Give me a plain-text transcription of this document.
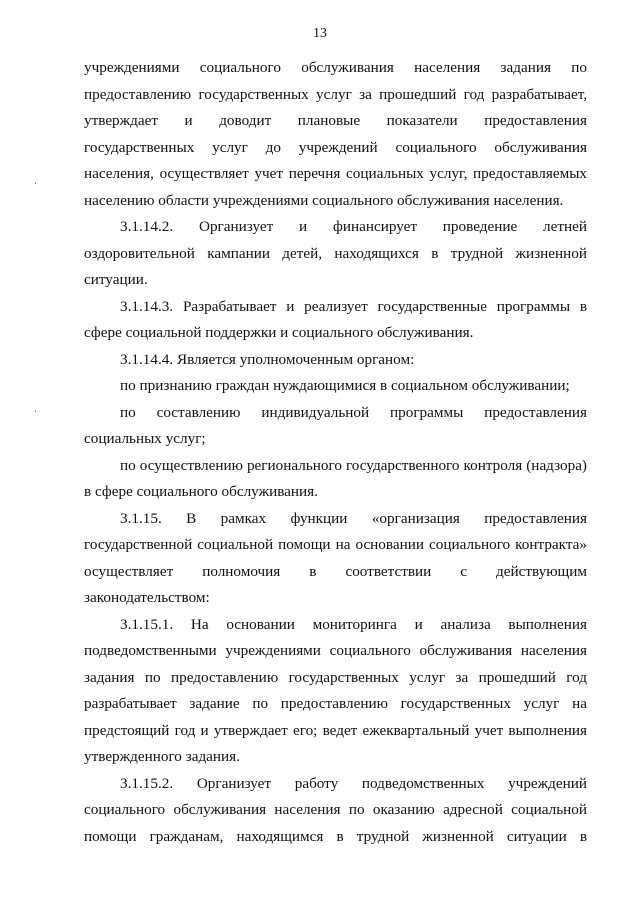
13

учреждениями социального обслуживания населения задания по предоставлению государственных услуг за прошедший год разрабатывает, утверждает и доводит плановые показатели предоставления государственных услуг до учреждений социального обслуживания населения, осуществляет учет перечня социальных услуг, предоставляемых населению области учреждениями социального обслуживания населения.

3.1.14.2. Организует и финансирует проведение летней оздоровительной кампании детей, находящихся в трудной жизненной ситуации.

3.1.14.3. Разрабатывает и реализует государственные программы в сфере социальной поддержки и социального обслуживания.

3.1.14.4. Является уполномоченным органом:

по признанию граждан нуждающимися в социальном обслуживании;

по составлению индивидуальной программы предоставления социальных услуг;

по осуществлению регионального государственного контроля (надзора) в сфере социального обслуживания.

3.1.15. В рамках функции «организация предоставления государственной социальной помощи на основании социального контракта» осуществляет полномочия в соответствии с действующим законодательством:

3.1.15.1. На основании мониторинга и анализа выполнения подведомственными учреждениями социального обслуживания населения задания по предоставлению государственных услуг за прошедший год разрабатывает задание по предоставлению государственных услуг на предстоящий год и утверждает его; ведет ежеквартальный учет выполнения утвержденного задания.

3.1.15.2. Организует работу подведомственных учреждений социального обслуживания населения по оказанию адресной социальной помощи гражданам, находящимся в трудной жизненной ситуации в
